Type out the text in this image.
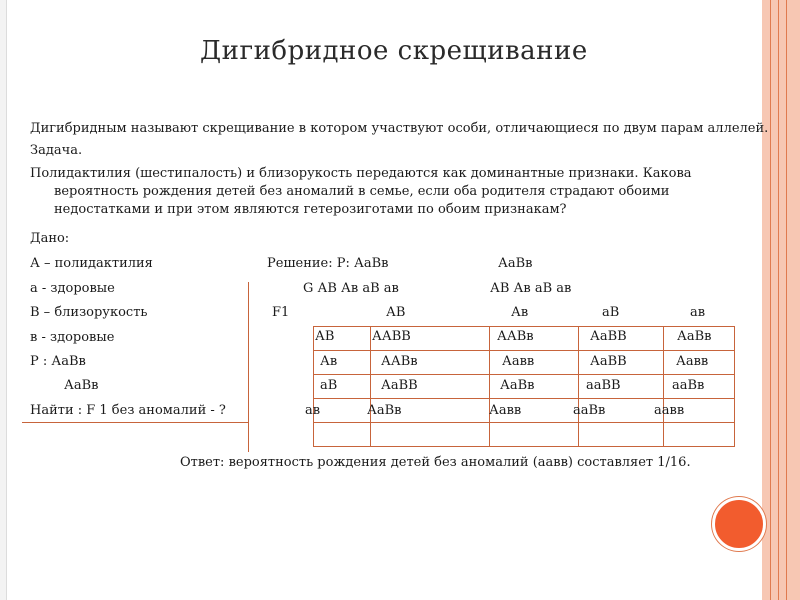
Дигибридное скрещивание
Дигибридным называют скрещивание в котором участвуют особи, отличающиеся по двум парам аллелей.
Задача.
Полидактилия (шестипалость) и близорукость передаются как доминантные признаки. Какова вероятность рождения детей без аномалий в семье, если оба родителя страдают обоими недостатками и при этом являются гетерозиготами по обоим признакам?
Дано:
А – полидактилия
а - здоровые
В – близорукость
в - здоровые
Р : АаВв
АаВв
Найти : F 1 без аномалий - ?
Решение: Р: АаВв	АаВв
G АВ Ав аВ ав	АВ Ав аВ ав
F1	АВ	Ав	аВ	ав

АВ	ААВВ	ААВв	АаВВ	АаВв
Ав	ААВв	Аавв	АаВВ	Аавв
аВ	АаВВ	АаВв	ааВВ	ааВв
ав	АаВв	Аавв	ааВв	аавв
Ответ: вероятность рождения детей без аномалий (аавв) составляет 1/16.
